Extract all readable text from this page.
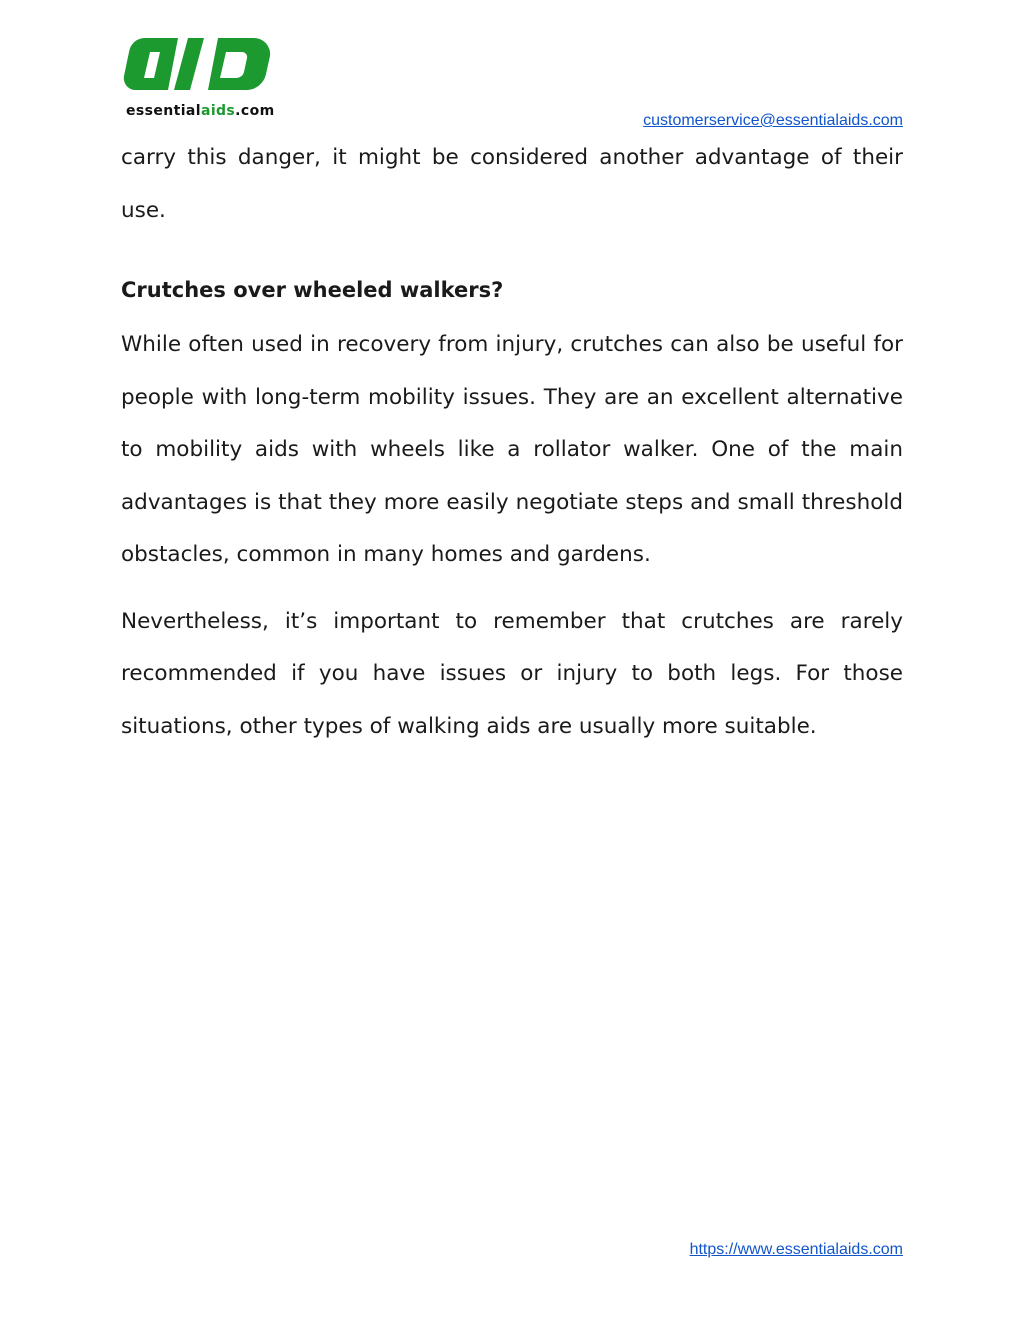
essentialaids.com
customerservice@essentialaids.com

carry this danger, it might be considered another advantage of their use.

Crutches over wheeled walkers?

While often used in recovery from injury, crutches can also be useful for people with long-term mobility issues. They are an excellent alternative to mobility aids with wheels like a rollator walker. One of the main advantages is that they more easily negotiate steps and small threshold obstacles, common in many homes and gardens.

Nevertheless, it’s important to remember that crutches are rarely recommended if you have issues or injury to both legs. For those situations, other types of walking aids are usually more suitable.

https://www.essentialaids.com
